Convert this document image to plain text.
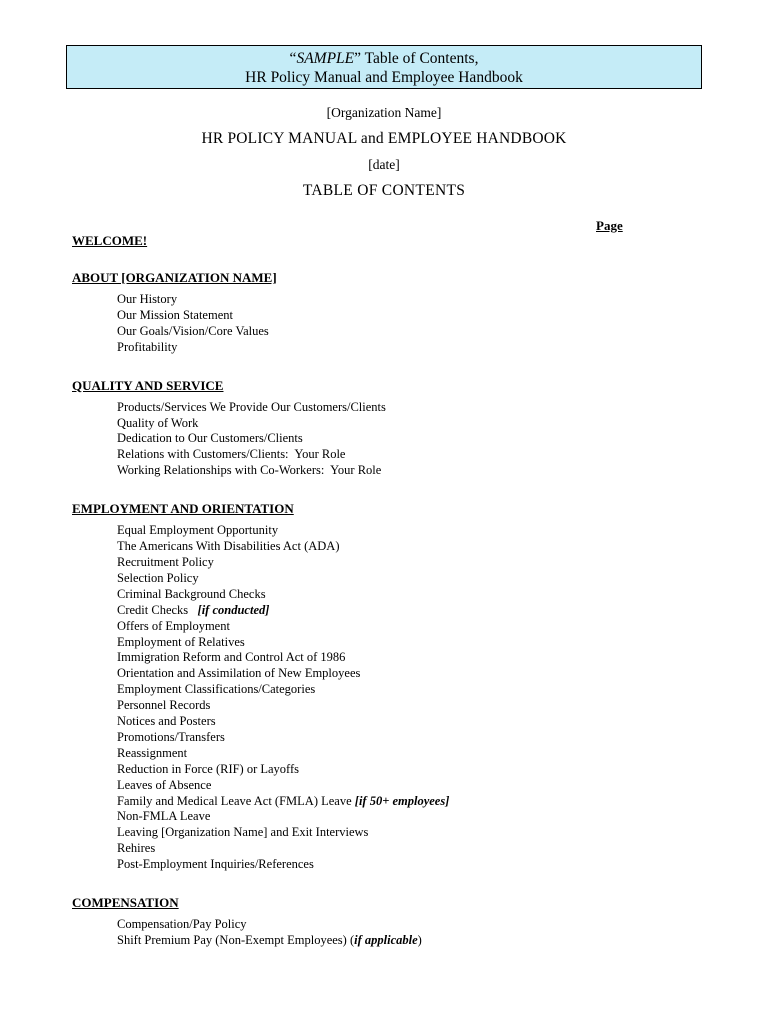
“SAMPLE” Table of Contents,
HR Policy Manual and Employee Handbook
[Organization Name]
HR POLICY MANUAL and EMPLOYEE HANDBOOK
[date]
TABLE OF CONTENTS
Page
WELCOME!
ABOUT [ORGANIZATION NAME]
Our History
Our Mission Statement
Our Goals/Vision/Core Values
Profitability
QUALITY AND SERVICE
Products/Services We Provide Our Customers/Clients
Quality of Work
Dedication to Our Customers/Clients
Relations with Customers/Clients:  Your Role
Working Relationships with Co-Workers:  Your Role
EMPLOYMENT AND ORIENTATION
Equal Employment Opportunity
The Americans With Disabilities Act (ADA)
Recruitment Policy
Selection Policy
Criminal Background Checks
Credit Checks   [if conducted]
Offers of Employment
Employment of Relatives
Immigration Reform and Control Act of 1986
Orientation and Assimilation of New Employees
Employment Classifications/Categories
Personnel Records
Notices and Posters
Promotions/Transfers
Reassignment
Reduction in Force (RIF) or Layoffs
Leaves of Absence
Family and Medical Leave Act (FMLA) Leave [if 50+ employees]
Non-FMLA Leave
Leaving [Organization Name] and Exit Interviews
Rehires
Post-Employment Inquiries/References
COMPENSATION
Compensation/Pay Policy
Shift Premium Pay (Non-Exempt Employees) (if applicable)
